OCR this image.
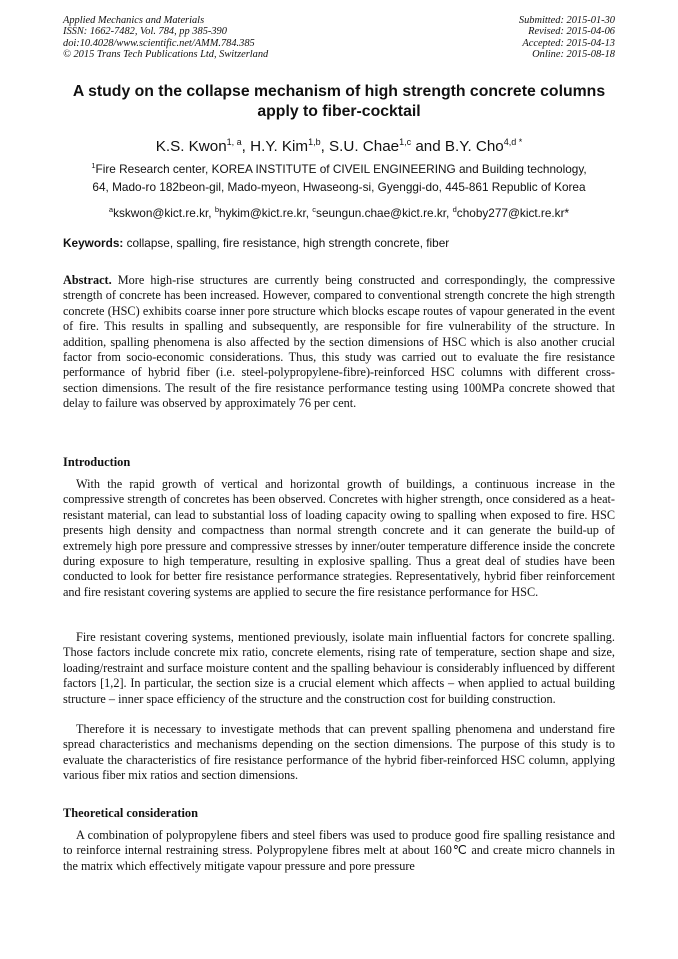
Applied Mechanics and Materials
ISSN: 1662-7482, Vol. 784, pp 385-390
doi:10.4028/www.scientific.net/AMM.784.385
© 2015 Trans Tech Publications Ltd, Switzerland
Submitted: 2015-01-30
Revised: 2015-04-06
Accepted: 2015-04-13
Online: 2015-08-18
A study on the collapse mechanism of high strength concrete columns
apply to fiber-cocktail
K.S. Kwon$^{1, a}$, H.Y. Kim$^{1,b}$, S.U. Chae$^{1,c}$ and B.Y. Cho$^{4,d *}$
$^1$Fire Research center, KOREA INSTITUTE of CIVEIL ENGINEERING and Building technology,
64, Mado-ro 182beon-gil, Mado-myeon, Hwaseong-si, Gyenggi-do, 445-861 Republic of Korea
$^a$kskwon@kict.re.kr, $^b$hykim@kict.re.kr, $^c$seungun.chae@kict.re.kr, $^d$choby277@kict.re.kr*
Keywords: collapse, spalling, fire resistance, high strength concrete, fiber
Abstract. More high-rise structures are currently being constructed and correspondingly, the compressive strength of concrete has been increased. However, compared to conventional strength concrete the high strength concrete (HSC) exhibits coarse inner pore structure which blocks escape routes of vapour generated in the event of fire. This results in spalling and subsequently, are responsible for fire vulnerability of the structure. In addition, spalling phenomena is also affected by the section dimensions of HSC which is also another crucial factor from socio-economic considerations. Thus, this study was carried out to evaluate the fire resistance performance of hybrid fiber (i.e. steel-polypropylene-fibre)-reinforced HSC columns with different cross-section dimensions. The result of the fire resistance performance testing using 100MPa concrete showed that delay to failure was observed by approximately 76 per cent.
Introduction
With the rapid growth of vertical and horizontal growth of buildings, a continuous increase in the compressive strength of concretes has been observed. Concretes with higher strength, once considered as a heat-resistant material, can lead to substantial loss of loading capacity owing to spalling when exposed to fire. HSC presents high density and compactness than normal strength concrete and it can generate the build-up of extremely high pore pressure and compressive stresses by inner/outer temperature difference inside the concrete during exposure to high temperature, resulting in explosive spalling. Thus a great deal of studies have been conducted to look for better fire resistance performance strategies. Representatively, hybrid fiber reinforcement and fire resistant covering systems are applied to secure the fire resistance performance for HSC.
Fire resistant covering systems, mentioned previously, isolate main influential factors for concrete spalling. Those factors include concrete mix ratio, concrete elements, rising rate of temperature, section shape and size, loading/restraint and surface moisture content and the spalling behaviour is considerably influenced by different factors [1,2]. In particular, the section size is a crucial element which affects – when applied to actual building structure – inner space efficiency of the structure and the construction cost for building construction.
Therefore it is necessary to investigate methods that can prevent spalling phenomena and understand fire spread characteristics and mechanisms depending on the section dimensions. The purpose of this study is to evaluate the characteristics of fire resistance performance of the hybrid fiber-reinforced HSC column, applying various fiber mix ratios and section dimensions.
Theoretical consideration
A combination of polypropylene fibers and steel fibers was used to produce good fire spalling resistance and to reinforce internal restraining stress. Polypropylene fibres melt at about 160℃ and create micro channels in the matrix which effectively mitigate vapour pressure and pore pressure
